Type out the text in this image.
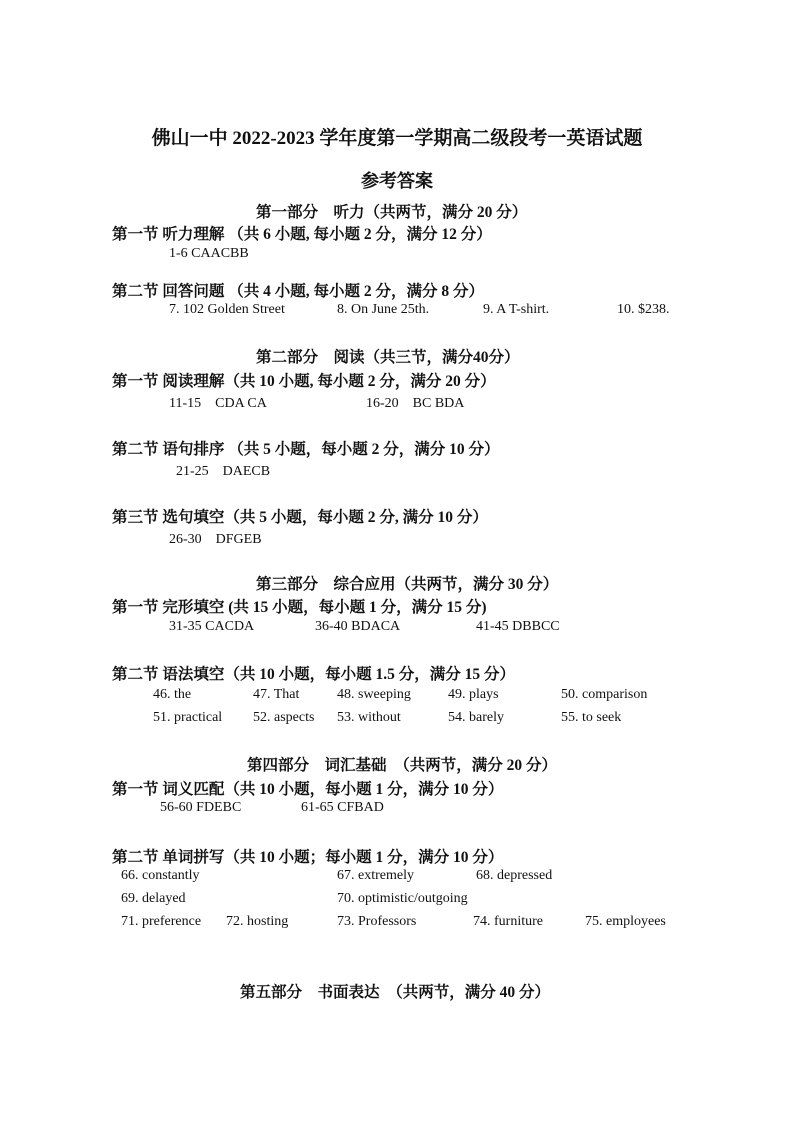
佛山一中 2022-2023 学年度第一学期高二级段考一英语试题
参考答案
第一部分　听力（共两节，满分 20 分）
第一节 听力理解 （共 6 小题, 每小题 2 分，满分 12 分）
1-6 CAACBB
第二节 回答问题 （共 4 小题, 每小题 2 分，满分 8 分）
7. 102 Golden Street	8. On June 25th.	9. A T-shirt.	10. $238.
第二部分　阅读（共三节，满分40分）
第一节 阅读理解（共 10 小题, 每小题 2 分，满分 20 分）
11-15　CDA CA	16-20　BC BDA
第二节 语句排序 （共 5 小题，每小题 2 分，满分 10 分）
21-25　DAECB
第三节 选句填空（共 5 小题，每小题 2 分, 满分 10 分）
26-30　DFGEB
第三部分　综合应用（共两节，满分 30 分）
第一节 完形填空 (共 15 小题，每小题 1 分，满分 15 分)
31-35 CACDA	36-40 BDACA	41-45 DBBCC
第二节 语法填空（共 10 小题，每小题 1.5 分，满分 15 分）
46. the	47. That	48. sweeping	49. plays	50. comparison
51. practical 52. aspects 53. without	54. barely	55. to seek
第四部分　词汇基础　（共两节，满分 20 分）
第一节 词义匹配（共 10 小题，每小题 1 分，满分 10 分）
56-60 FDEBC	61-65 CFBAD
第二节 单词拼写（共 10 小题；每小题 1 分，满分 10 分）
66. constantly	67. extremely	68. depressed
69. delayed	70. optimistic/outgoing
71. preference 72. hosting	73. Professors	74. furniture	75. employees
第五部分　书面表达　（共两节，满分 40 分）
